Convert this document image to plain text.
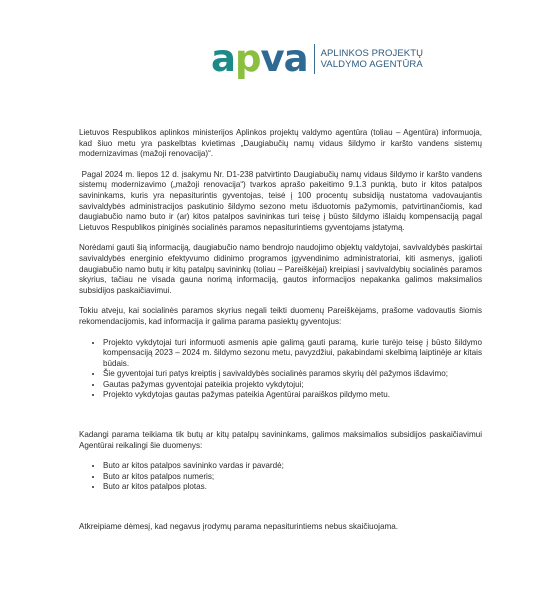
a p va APLINKOS PROJEKTŲ
VALDYMO AGENTŪRA

Lietuvos Respublikos aplinkos ministerijos Aplinkos projektų valdymo agentūra (toliau – Agentūra) informuoja, kad šiuo metu yra paskelbtas kvietimas „Daugiabučių namų vidaus šildymo ir karšto vandens sistemų modernizavimas (mažoji renovacija)“.

Pagal 2024 m. liepos 12 d. įsakymu Nr. D1-238 patvirtinto Daugiabučių namų vidaus šildymo ir karšto vandens sistemų modernizavimo („mažoji renovacija“) tvarkos aprašo pakeitimo 9.1.3 punktą, buto ir kitos patalpos savininkams, kuris yra nepasiturintis gyventojas, teisė į 100 procentų subsidiją nustatoma vadovaujantis savivaldybės administracijos paskutinio šildymo sezono metu išduotomis pažymomis, patvirtinančiomis, kad daugiabučio namo buto ir (ar) kitos patalpos savininkas turi teisę į būsto šildymo išlaidų kompensaciją pagal Lietuvos Respublikos piniginės socialinės paramos nepasiturintiems gyventojams įstatymą.

Norėdami gauti šią informaciją, daugiabučio namo bendrojo naudojimo objektų valdytojai, savivaldybės paskirtai savivaldybės energinio efektyvumo didinimo programos įgyvendinimo administratoriai, kiti asmenys, įgalioti daugiabučio namo butų ir kitų patalpų savininkų (toliau – Pareiškėjai) kreipiasi į savivaldybių socialinės paramos skyrius, tačiau ne visada gauna norimą informaciją, gautos informacijos nepakanka galimos maksimalios subsidijos paskaičiavimui.

Tokiu atveju, kai socialinės paramos skyrius negali teikti duomenų Pareiškėjams, prašome vadovautis šiomis rekomendacijomis, kad informacija ir galima parama pasiektų gyventojus:

• Projekto vykdytojai turi informuoti asmenis apie galimą gauti paramą, kurie turėjo teisę į būsto šildymo kompensaciją 2023 – 2024 m. šildymo sezonu metu, pavyzdžiui, pakabindami skelbimą laiptinėje ar kitais būdais.
• Šie gyventojai turi patys kreiptis į savivaldybės socialinės paramos skyrių dėl pažymos išdavimo;
• Gautas pažymas gyventojai pateikia projekto vykdytojui;
• Projekto vykdytojas gautas pažymas pateikia Agentūrai paraiškos pildymo metu.

Kadangi parama teikiama tik butų ar kitų patalpų savininkams, galimos maksimalios subsidijos paskaičiavimui Agentūrai reikalingi šie duomenys:

• Buto ar kitos patalpos savininko vardas ir pavardė;
• Buto ar kitos patalpos numeris;
• Buto ar kitos patalpos plotas.

Atkreipiame dėmesį, kad negavus įrodymų parama nepasiturintiems nebus skaičiuojama.
